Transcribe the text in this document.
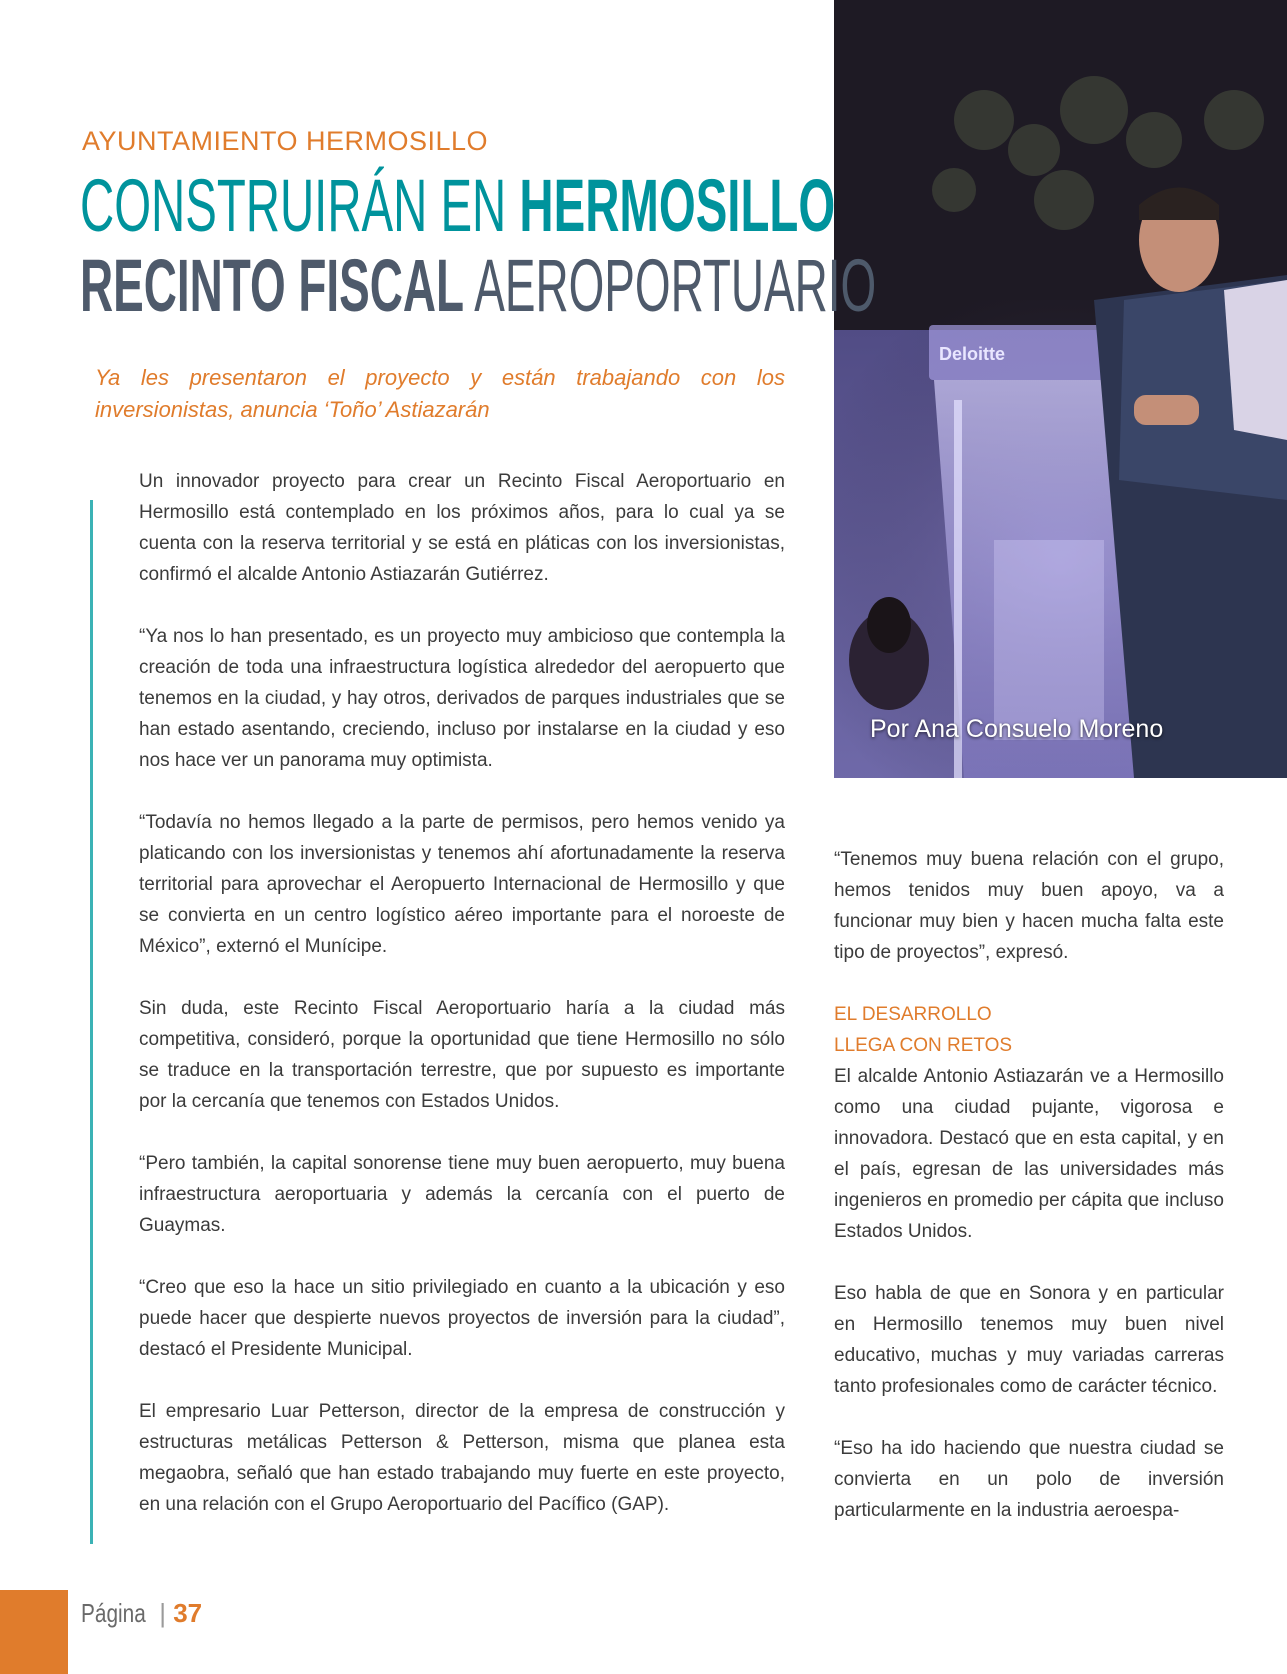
Deloitte
Por Ana Consuelo Moreno
AYUNTAMIENTO HERMOSILLO
CONSTRUIRÁN EN HERMOSILLO
RECINTO FISCAL AEROPORTUARIO

Ya les presentaron el proyecto y están trabajando con los inversionistas, anuncia ‘Toño’ Astiazarán

Un innovador proyecto para crear un Recinto Fiscal Aeroportuario en Hermosillo está contemplado en los próximos años, para lo cual ya se cuenta con la reserva territorial y se está en pláticas con los inversionistas, confirmó el alcalde Antonio Astiazarán Gutiérrez.

“Ya nos lo han presentado, es un proyecto muy ambicioso que contempla la creación de toda una infraestructura logística alrededor del aeropuerto que tenemos en la ciudad, y hay otros, derivados de parques industriales que se han estado asentando, creciendo, incluso por instalarse en la ciudad y eso nos hace ver un panorama muy optimista.

“Todavía no hemos llegado a la parte de permisos, pero hemos venido ya platicando con los inversionistas y tenemos ahí afortunadamente la reserva territorial para aprovechar el Aeropuerto Internacional de Hermosillo y que se convierta en un centro logístico aéreo importante para el noroeste de México”, externó el Munícipe.

Sin duda, este Recinto Fiscal Aeroportuario haría a la ciudad más competitiva, consideró, porque la oportunidad que tiene Hermosillo no sólo se traduce en la transportación terrestre, que por supuesto es importante por la cercanía que tenemos con Estados Unidos.

“Pero también, la capital sonorense tiene muy buen aeropuerto, muy buena infraestructura aeroportuaria y además la cercanía con el puerto de Guaymas.

“Creo que eso la hace un sitio privilegiado en cuanto a la ubicación y eso puede hacer que despierte nuevos proyectos de inversión para la ciudad”, destacó el Presidente Municipal.

El empresario Luar Petterson, director de la empresa de construcción y estructuras metálicas Petterson & Petterson, misma que planea esta megaobra, señaló que han estado trabajando muy fuerte en este proyecto, en una relación con el Grupo Aeroportuario del Pacífico (GAP).

“Tenemos muy buena relación con el grupo, hemos tenidos muy buen apoyo, va a funcionar muy bien y hacen mucha falta este tipo de proyectos”, expresó.

EL DESARROLLO
LLEGA CON RETOS

El alcalde Antonio Astiazarán ve a Hermosillo como una ciudad pujante, vigorosa e innovadora. Destacó que en esta capital, y en el país, egresan de las universidades más ingenieros en promedio per cápita que incluso Estados Unidos.

Eso habla de que en Sonora y en particular en Hermosillo tenemos muy buen nivel educativo, muchas y muy variadas carreras tanto profesionales como de carácter técnico.

“Eso ha ido haciendo que nuestra ciudad se convierta en un polo de inversión particularmente en la industria aeroespa-

Página | 37
